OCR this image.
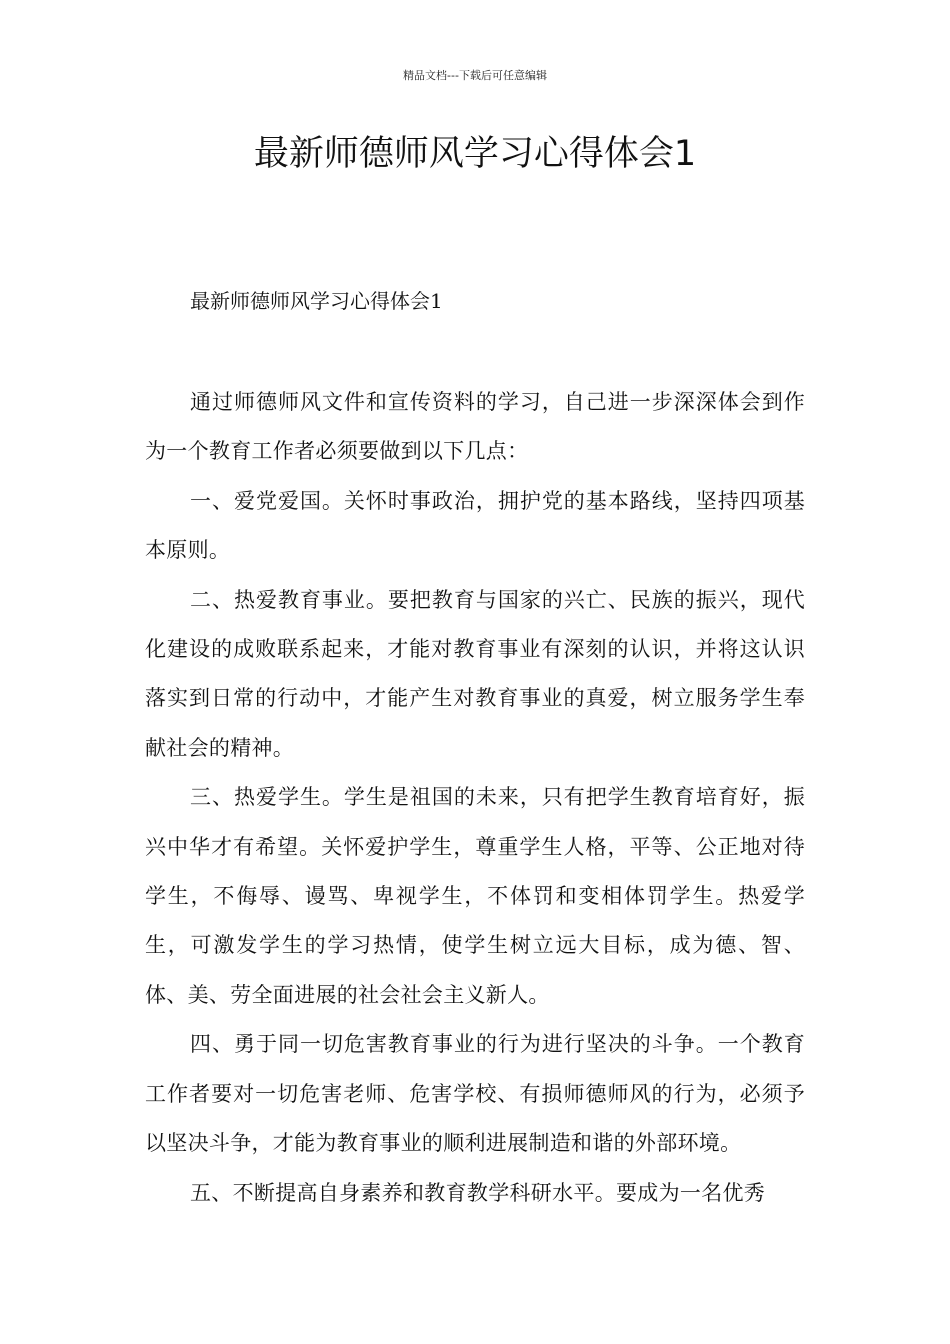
精品文档---下载后可任意编辑
最新师德师风学习心得体会1

最新师德师风学习心得体会1

通过师德师风文件和宣传资料的学习，自己进一步深深体会到作为一个教育工作者必须要做到以下几点：

一、爱党爱国。关怀时事政治，拥护党的基本路线，坚持四项基本原则。

二、热爱教育事业。要把教育与国家的兴亡、民族的振兴，现代化建设的成败联系起来，才能对教育事业有深刻的认识，并将这认识落实到日常的行动中，才能产生对教育事业的真爱，树立服务学生奉献社会的精神。

三、热爱学生。学生是祖国的未来，只有把学生教育培育好，振兴中华才有希望。关怀爱护学生，尊重学生人格，平等、公正地对待学生，不侮辱、谩骂、卑视学生，不体罚和变相体罚学生。热爱学生，可激发学生的学习热情，使学生树立远大目标，成为德、智、体、美、劳全面进展的社会社会主义新人。

四、勇于同一切危害教育事业的行为进行坚决的斗争。一个教育工作者要对一切危害老师、危害学校、有损师德师风的行为，必须予以坚决斗争，才能为教育事业的顺利进展制造和谐的外部环境。

五、不断提高自身素养和教育教学科研水平。要成为一名优秀
